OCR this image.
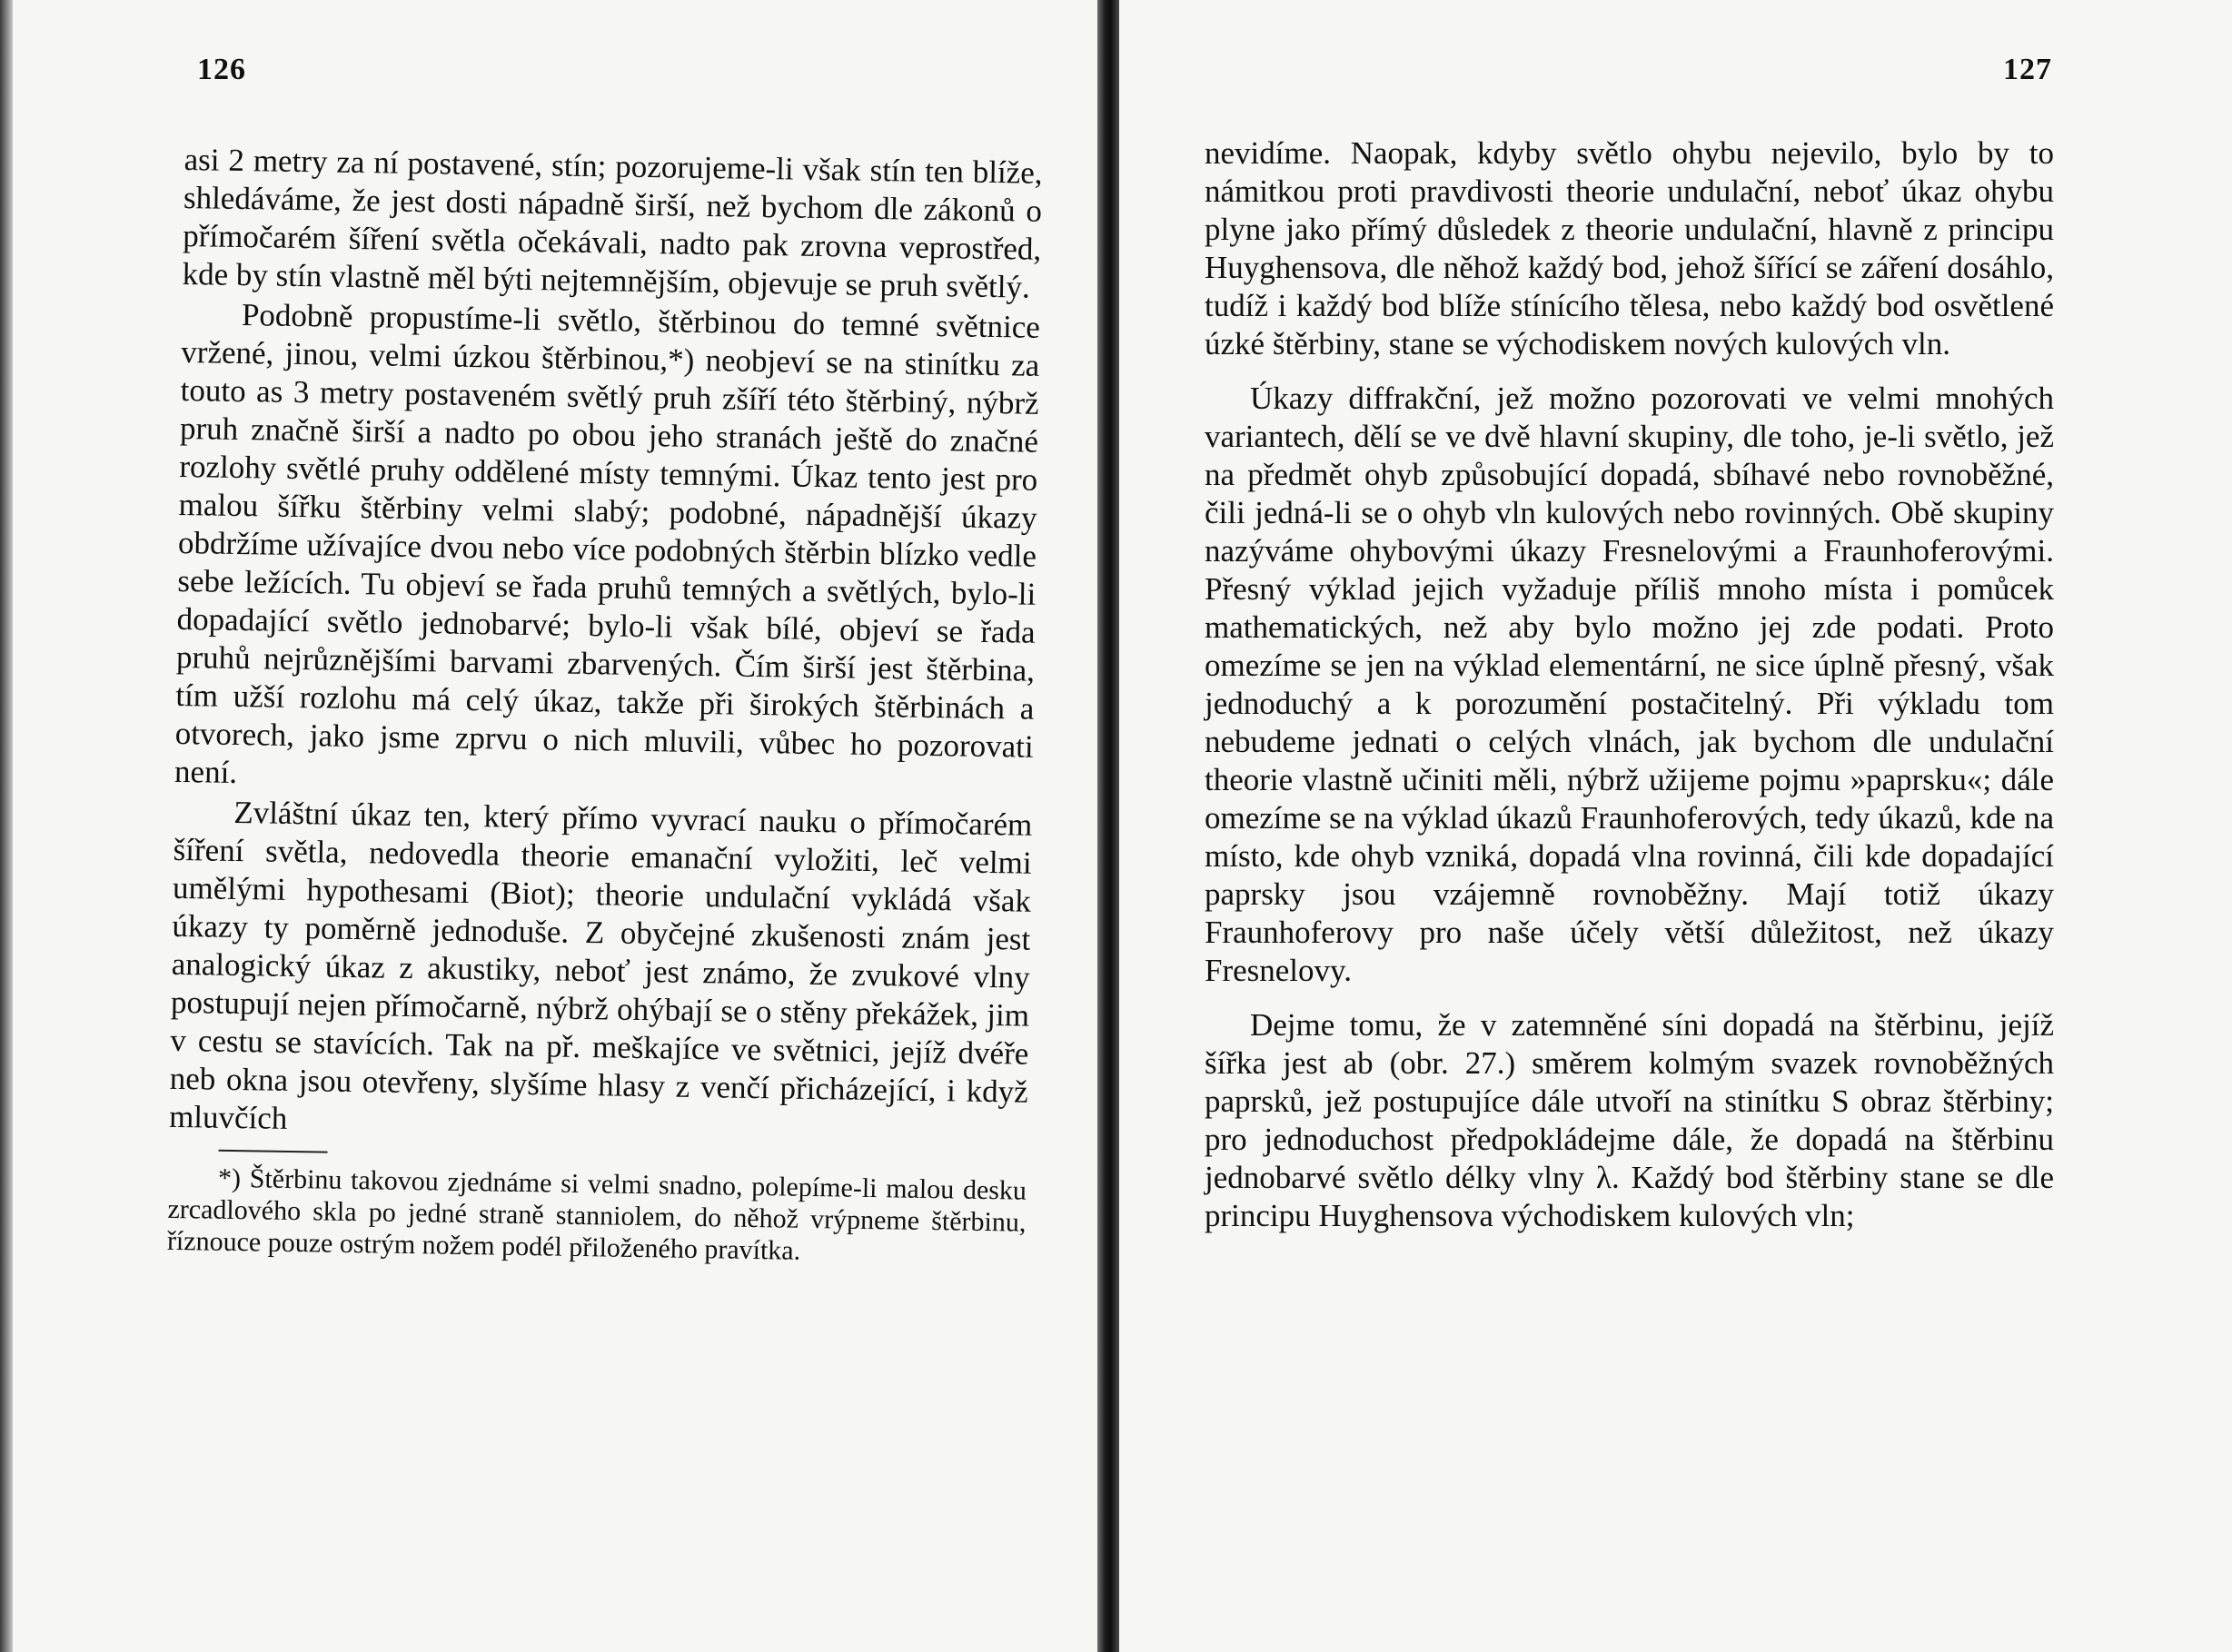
126

asi 2 metry za ní postavené, stín; pozorujeme-li však stín ten blíže, shledáváme, že jest dosti nápadně širší, než bychom dle zákonů o přímočarém šíření světla očekávali, nadto pak zrovna veprostřed, kde by stín vlastně měl býti nejtemnějším, objevuje se pruh světlý.

Podobně propustíme-li světlo, štěrbinou do temné světnice vržené, jinou, velmi úzkou štěrbinou,*) neobjeví se na stinítku za touto as 3 metry postaveném světlý pruh zšíří této štěrbiný, nýbrž pruh značně širší a nadto po obou jeho stranách ještě do značné rozlohy světlé pruhy oddělené místy temnými. Úkaz tento jest pro malou šířku štěrbiny velmi slabý; podobné, nápadnější úkazy obdržíme užívajíce dvou nebo více podobných štěrbin blízko vedle sebe ležících. Tu objeví se řada pruhů temných a světlých, bylo-li dopadající světlo jednobarvé; bylo-li však bílé, objeví se řada pruhů nejrůznějšími barvami zbarvených. Čím širší jest štěrbina, tím užší rozlohu má celý úkaz, takže při širokých štěrbinách a otvorech, jako jsme zprvu o nich mluvili, vůbec ho pozorovati není.

Zvláštní úkaz ten, který přímo vyvrací nauku o přímočarém šíření světla, nedovedla theorie emanační vyložiti, leč velmi umělými hypothesami (Biot); theorie undulační vykládá však úkazy ty poměrně jednoduše. Z obyčejné zkušenosti znám jest analogický úkaz z akustiky, neboť jest známo, že zvukové vlny postupují nejen přímočarně, nýbrž ohýbají se o stěny překážek, jim v cestu se stavících. Tak na př. meškajíce ve světnici, jejíž dvéře neb okna jsou otevřeny, slyšíme hlasy z venčí přicházející, i když mluvčích

*) Štěrbinu takovou zjednáme si velmi snadno, polepíme-li malou desku zrcadlového skla po jedné straně stanniolem, do něhož vrýpneme štěrbinu, říznouce pouze ostrým nožem podél přiloženého pravítka.

127

nevidíme. Naopak, kdyby světlo ohybu nejevilo, bylo by to námitkou proti pravdivosti theorie undulační, neboť úkaz ohybu plyne jako přímý důsledek z theorie undulační, hlavně z principu Huyghensova, dle něhož každý bod, jehož šířící se záření dosáhlo, tudíž i každý bod blíže stínícího tělesa, nebo každý bod osvětlené úzké štěrbiny, stane se východiskem nových kulových vln.

Úkazy diffrakční, jež možno pozorovati ve velmi mnohých variantech, dělí se ve dvě hlavní skupiny, dle toho, je-li světlo, jež na předmět ohyb způsobující dopadá, sbíhavé nebo rovnoběžné, čili jedná-li se o ohyb vln kulových nebo rovinných. Obě skupiny nazýváme ohybovými úkazy Fresnelovými a Fraunhoferovými. Přesný výklad jejich vyžaduje příliš mnoho místa i pomůcek mathematických, než aby bylo možno jej zde podati. Proto omezíme se jen na výklad elementární, ne sice úplně přesný, však jednoduchý a k porozumění postačitelný. Při výkladu tom nebudeme jednati o celých vlnách, jak bychom dle undulační theorie vlastně učiniti měli, nýbrž užijeme pojmu »paprsku«; dále omezíme se na výklad úkazů Fraunhoferových, tedy úkazů, kde na místo, kde ohyb vzniká, dopadá vlna rovinná, čili kde dopadající paprsky jsou vzájemně rovnoběžny. Mají totiž úkazy Fraunhoferovy pro naše účely větší důležitost, než úkazy Fresnelovy.

Dejme tomu, že v zatemněné síni dopadá na štěrbinu, jejíž šířka jest ab (obr. 27.) směrem kolmým svazek rovnoběžných paprsků, jež postupujíce dále utvoří na stinítku S obraz štěrbiny; pro jednoduchost předpokládejme dále, že dopadá na štěrbinu jednobarvé světlo délky vlny λ. Každý bod štěrbiny stane se dle principu Huyghensova východiskem kulových vln;
